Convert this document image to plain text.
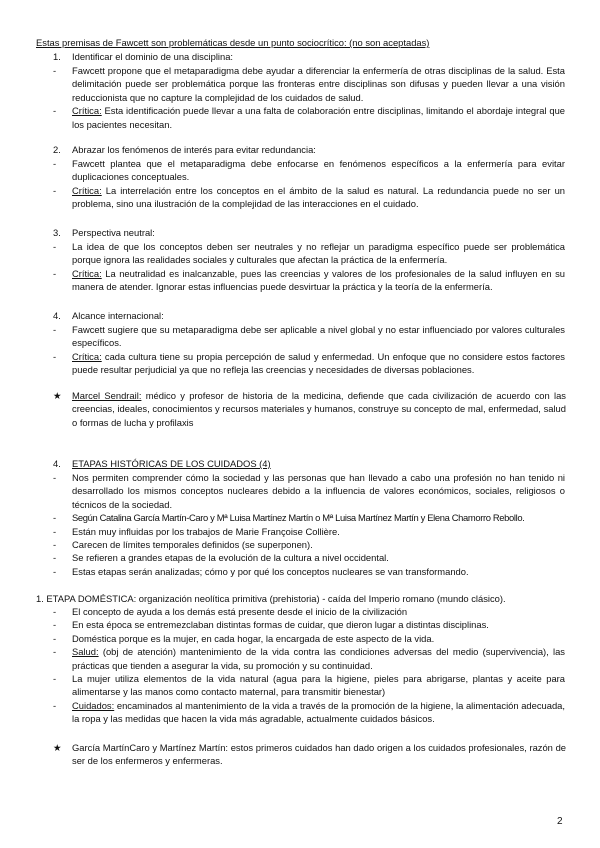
Estas premisas de Fawcett son problemáticas desde un punto sociocrítico: (no son aceptadas)
1.	Identificar el dominio de una disciplina:
- Fawcett propone que el metaparadigma debe ayudar a diferenciar la enfermería de otras disciplinas de la salud. Esta delimitación puede ser problemática porque las fronteras entre disciplinas son difusas y pueden llevar a una visión reduccionista que no capture la complejidad de los cuidados de salud.
- Crítica: Esta identificación puede llevar a una falta de colaboración entre disciplinas, limitando el abordaje integral que los pacientes necesitan.
2.	Abrazar los fenómenos de interés para evitar redundancia:
- Fawcett plantea que el metaparadigma debe enfocarse en fenómenos específicos a la enfermería para evitar duplicaciones conceptuales.
- Crítica: La interrelación entre los conceptos en el ámbito de la salud es natural. La redundancia puede no ser un problema, sino una ilustración de la complejidad de las interacciones en el cuidado.
3.	Perspectiva neutral:
- La idea de que los conceptos deben ser neutrales y no reflejar un paradigma específico puede ser problemática porque ignora las realidades sociales y culturales que afectan la práctica de la enfermería.
- Crítica: La neutralidad es inalcanzable, pues las creencias y valores de los profesionales de la salud influyen en su manera de atender. Ignorar estas influencias puede desvirtuar la práctica y la teoría de la enfermería.
4.	Alcance internacional:
- Fawcett sugiere que su metaparadigma debe ser aplicable a nivel global y no estar influenciado por valores culturales específicos.
- Crítica: cada cultura tiene su propia percepción de salud y enfermedad. Un enfoque que no considere estos factores puede resultar perjudicial ya que no refleja las creencias y necesidades de diversas poblaciones.
★ Marcel Sendrail: médico y profesor de historia de la medicina, defiende que cada civilización de acuerdo con las creencias, ideales, conocimientos y recursos materiales y humanos, construye su concepto de mal, enfermedad, salud o formas de lucha y profilaxis
4.	ETAPAS HISTÓRICAS DE LOS CUIDADOS (4)
- Nos permiten comprender cómo la sociedad y las personas que han llevado a cabo una profesión no han tenido ni desarrollado los mismos conceptos nucleares debido a la influencia de valores económicos, sociales, religiosos o técnicos de la sociedad.
- Según Catalina García Martín-Caro y Mª Luisa Martínez Martín o Mª Luisa Martínez Martín y Elena Chamorro Rebollo.
- Están muy influidas por los trabajos de Marie Françoise Collière.
- Carecen de límites temporales definidos (se superponen).
- Se refieren a grandes etapas de la evolución de la cultura a nivel occidental.
- Estas etapas serán analizadas; cómo y por qué los conceptos nucleares se van transformando.
1. ETAPA DOMÉSTICA: organización neolítica primitiva (prehistoria) - caída del Imperio romano (mundo clásico).
- El concepto de ayuda a los demás está presente desde el inicio de la civilización
- En esta época se entremezclaban distintas formas de cuidar, que dieron lugar a distintas disciplinas.
- Doméstica porque es la mujer, en cada hogar, la encargada de este aspecto de la vida.
- Salud: (obj de atención) mantenimiento de la vida contra las condiciones adversas del medio (supervivencia), las prácticas que tienden a asegurar la vida, su promoción y su continuidad.
- La mujer utiliza elementos de la vida natural (agua para la higiene, pieles para abrigarse, plantas y aceite para alimentarse y las manos como contacto maternal, para transmitir bienestar)
- Cuidados: encaminados al mantenimiento de la vida a través de la promoción de la higiene, la alimentación adecuada, la ropa y las medidas que hacen la vida más agradable, actualmente cuidados básicos.
★ García MartínCaro y Martínez Martín: estos primeros cuidados han dado origen a los cuidados profesionales, razón de ser de los enfermeros y enfermeras.
2
